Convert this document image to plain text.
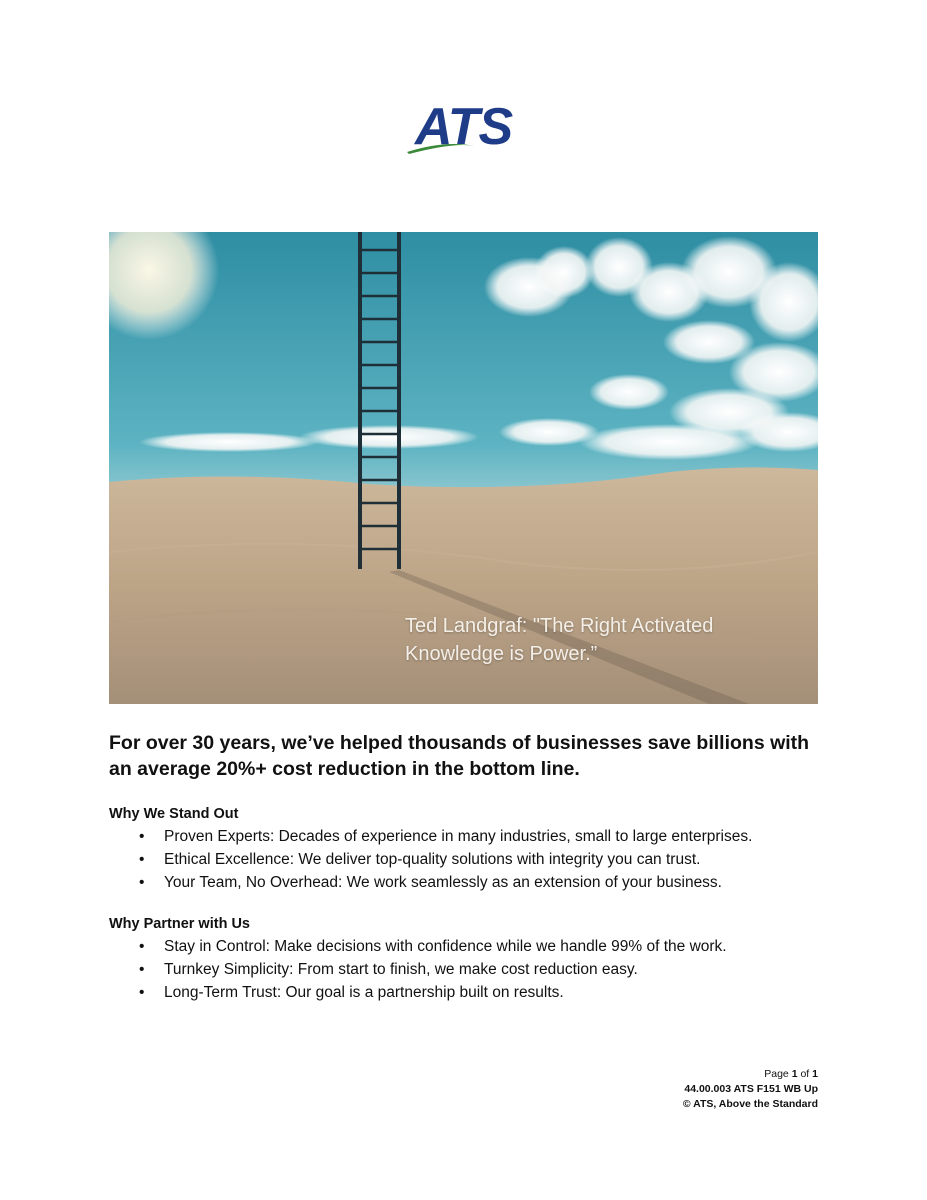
ATS
Ted Landgraf: "The Right Activated
Knowledge is Power.”
For over 30 years, we’ve helped thousands of businesses save billions with an average 20%+ cost reduction in the bottom line.
Why We Stand Out
• Proven Experts: Decades of experience in many industries, small to large enterprises.
• Ethical Excellence: We deliver top-quality solutions with integrity you can trust.
• Your Team, No Overhead: We work seamlessly as an extension of your business.
Why Partner with Us
• Stay in Control: Make decisions with confidence while we handle 99% of the work.
• Turnkey Simplicity: From start to finish, we make cost reduction easy.
• Long-Term Trust: Our goal is a partnership built on results.
Page 1 of 1
44.00.003 ATS F151 WB Up
© ATS, Above the Standard
